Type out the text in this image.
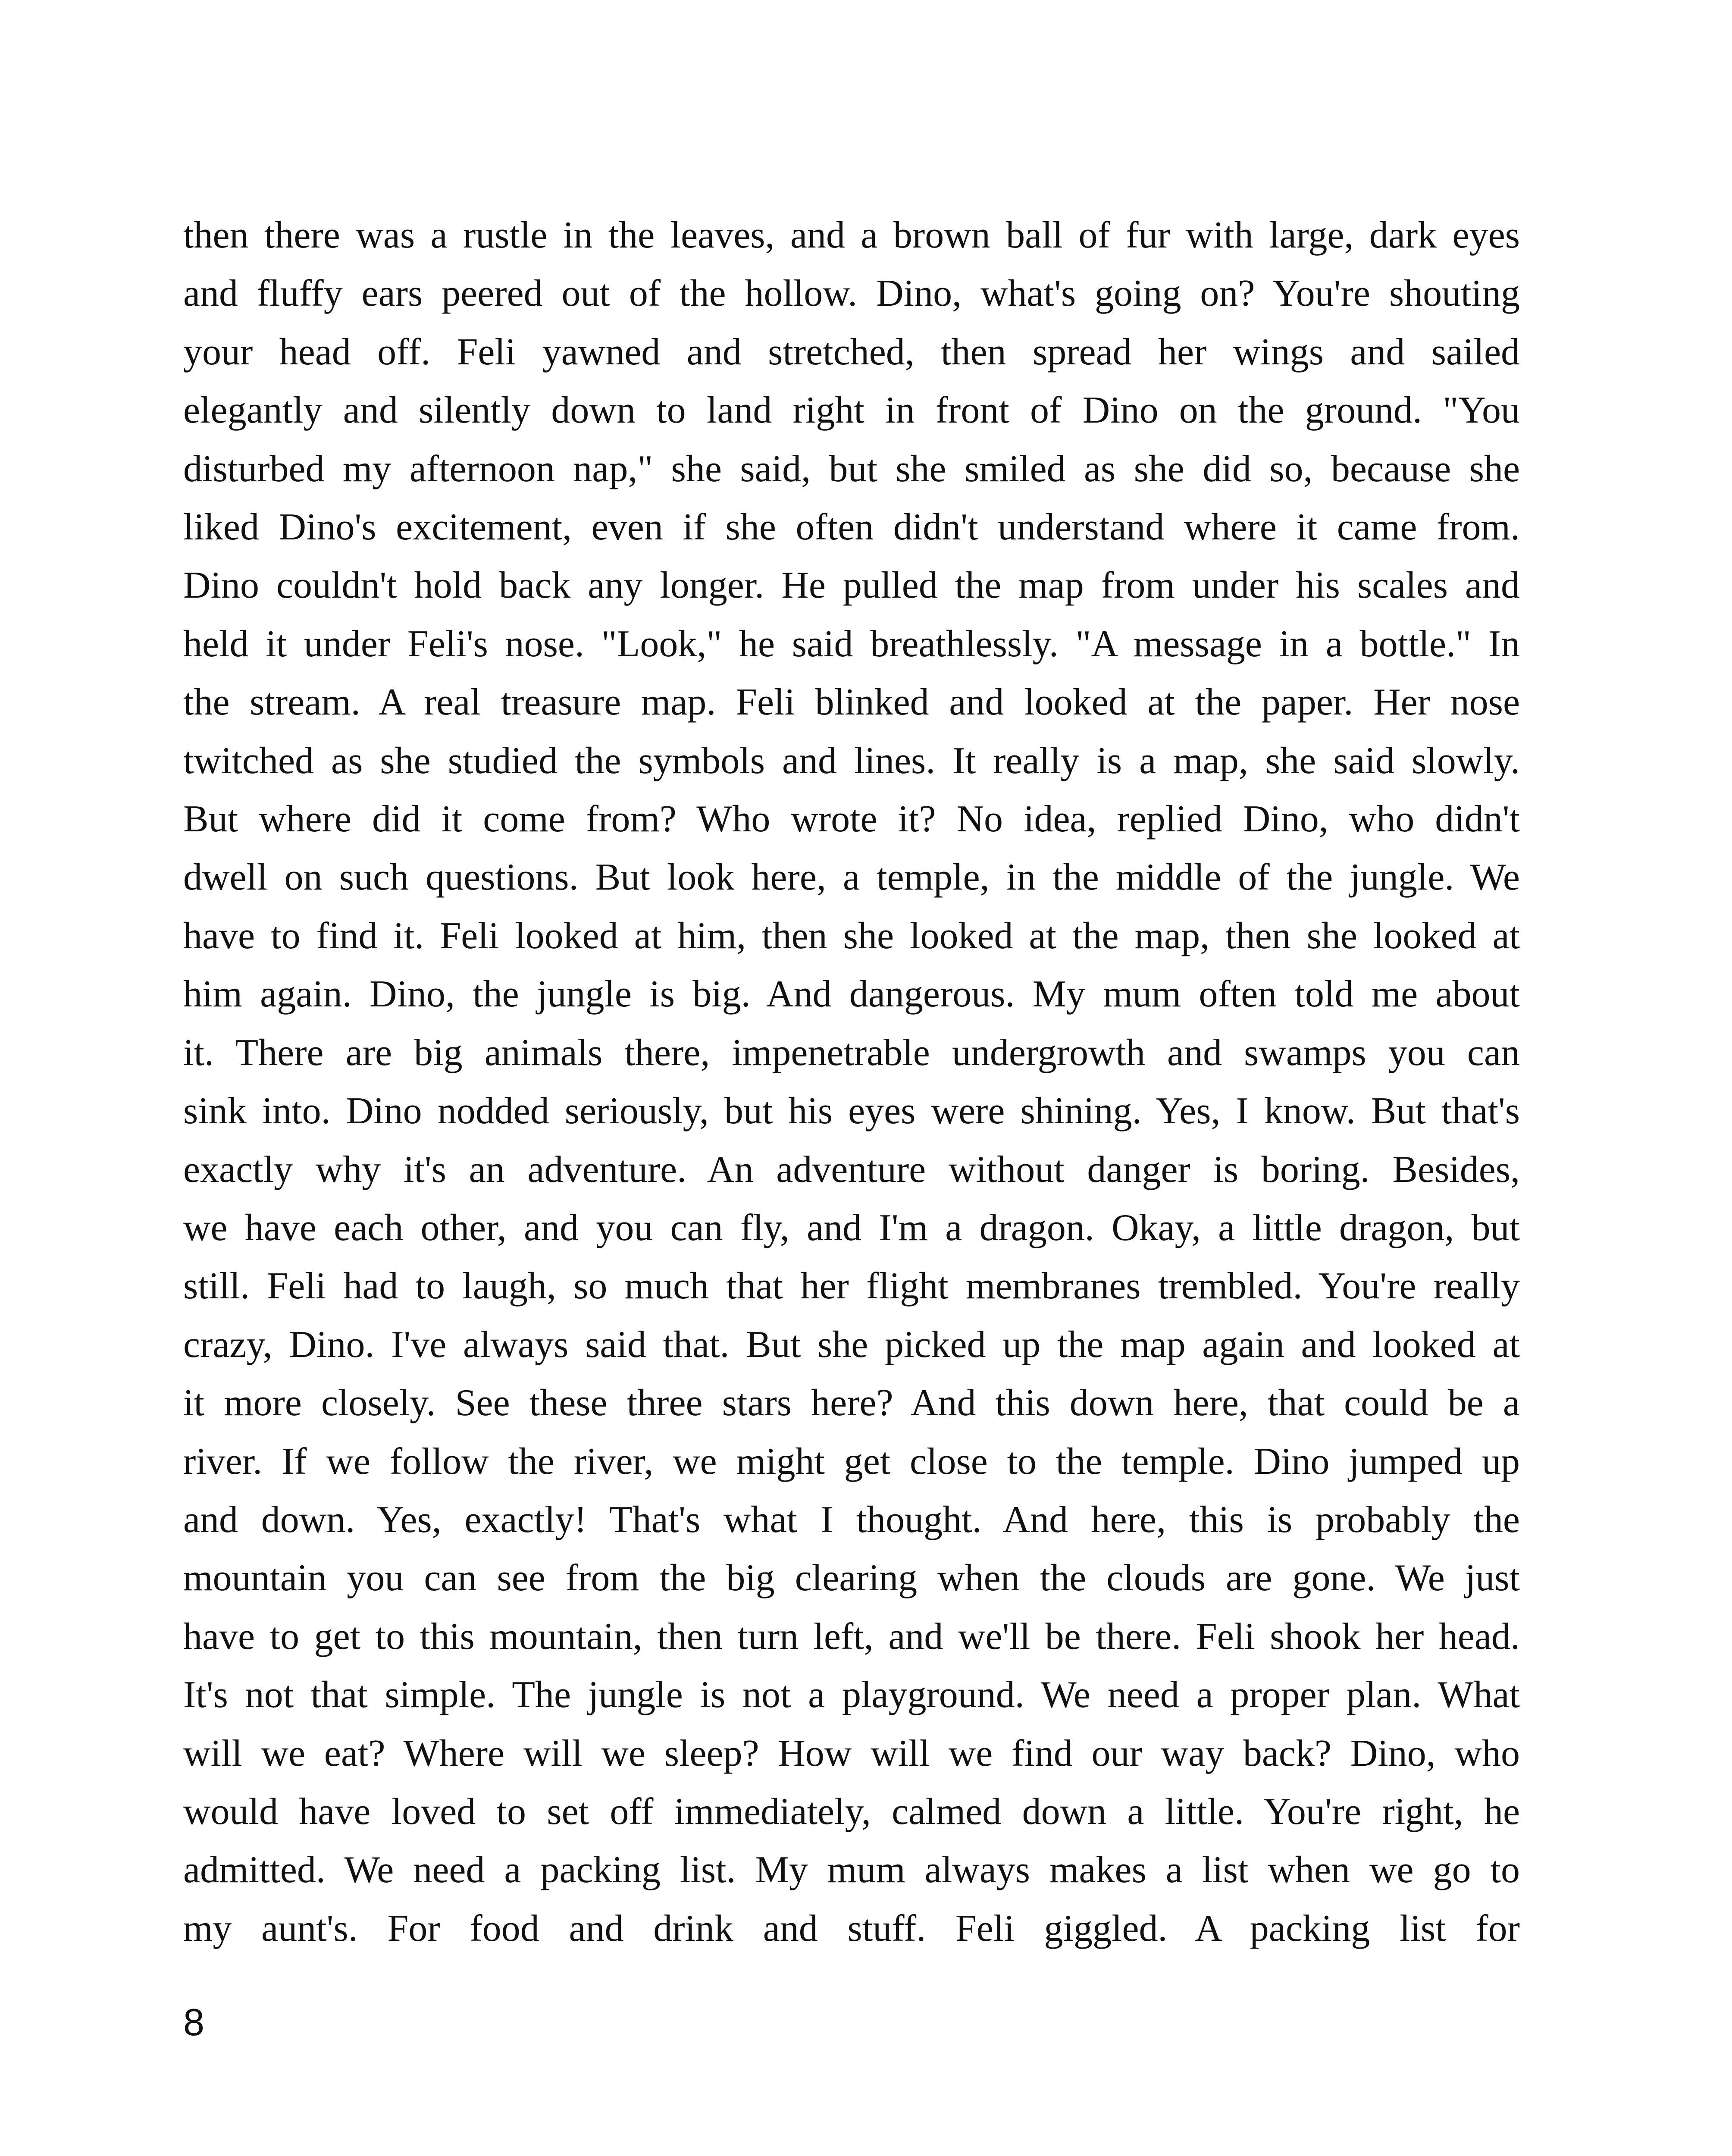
then there was a rustle in the leaves, and a brown ball of fur with large, dark eyes
and fluffy ears peered out of the hollow. Dino, what's going on? You're shouting
your head off. Feli yawned and stretched, then spread her wings and sailed
elegantly and silently down to land right in front of Dino on the ground. "You
disturbed my afternoon nap," she said, but she smiled as she did so, because she
liked Dino's excitement, even if she often didn't understand where it came from.
Dino couldn't hold back any longer. He pulled the map from under his scales and
held it under Feli's nose. "Look," he said breathlessly. "A message in a bottle." In
the stream. A real treasure map. Feli blinked and looked at the paper. Her nose
twitched as she studied the symbols and lines. It really is a map, she said slowly.
But where did it come from? Who wrote it? No idea, replied Dino, who didn't
dwell on such questions. But look here, a temple, in the middle of the jungle. We
have to find it. Feli looked at him, then she looked at the map, then she looked at
him again. Dino, the jungle is big. And dangerous. My mum often told me about
it. There are big animals there, impenetrable undergrowth and swamps you can
sink into. Dino nodded seriously, but his eyes were shining. Yes, I know. But that's
exactly why it's an adventure. An adventure without danger is boring. Besides,
we have each other, and you can fly, and I'm a dragon. Okay, a little dragon, but
still. Feli had to laugh, so much that her flight membranes trembled. You're really
crazy, Dino. I've always said that. But she picked up the map again and looked at
it more closely. See these three stars here? And this down here, that could be a
river. If we follow the river, we might get close to the temple. Dino jumped up
and down. Yes, exactly! That's what I thought. And here, this is probably the
mountain you can see from the big clearing when the clouds are gone. We just
have to get to this mountain, then turn left, and we'll be there. Feli shook her head.
It's not that simple. The jungle is not a playground. We need a proper plan. What
will we eat? Where will we sleep? How will we find our way back? Dino, who
would have loved to set off immediately, calmed down a little. You're right, he
admitted. We need a packing list. My mum always makes a list when we go to
my aunt's. For food and drink and stuff. Feli giggled. A packing list for
8
